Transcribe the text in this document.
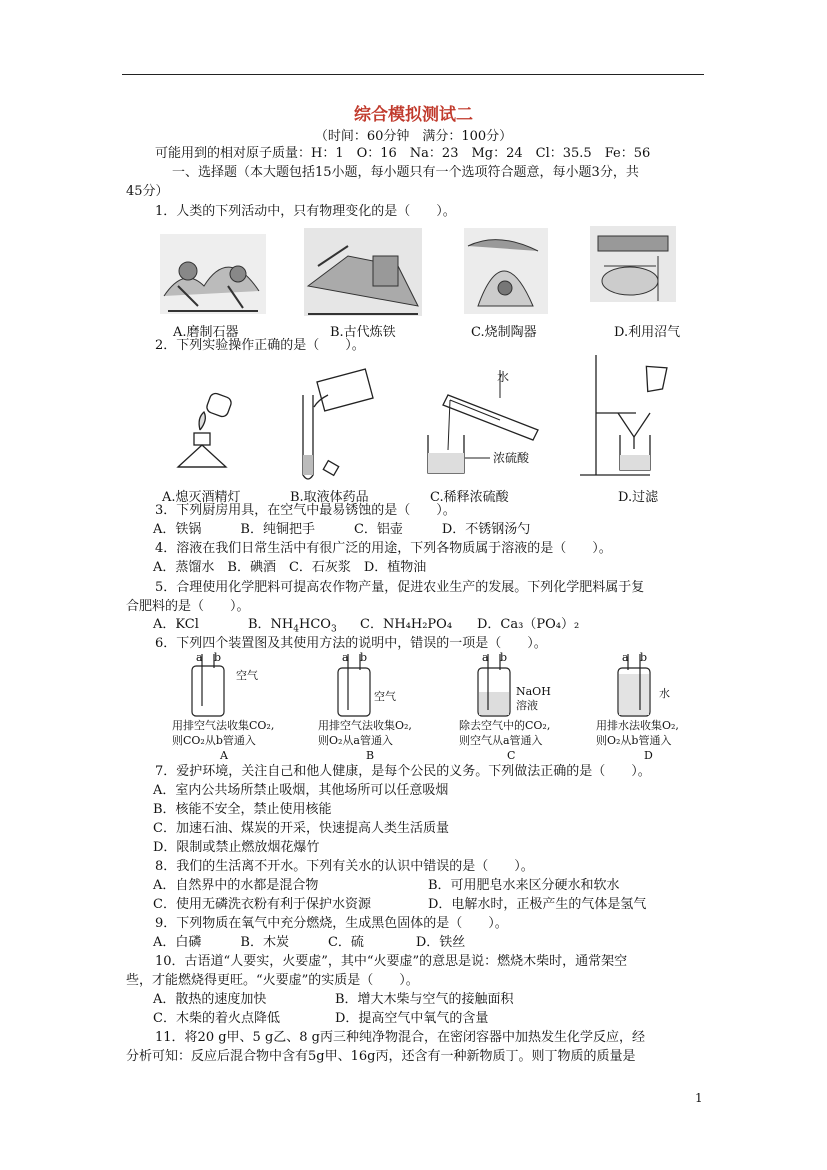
综合模拟测试二
（时间：60分钟　满分：100分）
可能用到的相对原子质量：H：1　O：16　Na：23　Mg：24　Cl：35.5　Fe：56
一、选择题（本大题包括15小题，每小题只有一个选项符合题意，每小题3分，共
45分）
1．人类的下列活动中，只有物理变化的是（　　）。
A.磨制石器	B.古代炼铁	C.烧制陶器	D.利用沼气
2．下列实验操作正确的是（　　）。
水
浓硫酸
A.熄灭酒精灯	B.取液体药品	C.稀释浓硫酸	D.过滤
3．下列厨房用具，在空气中最易锈蚀的是（　　）。
A．铁锅　　　B．纯铜把手　　　C．铝壶　　　D．不锈钢汤勺
4．溶液在我们日常生活中有很广泛的用途，下列各物质属于溶液的是（　　）。
A．蒸馏水　B．碘酒　C．石灰浆　D．植物油
5．合理使用化学肥料可提高农作物产量，促进农业生产的发展。下列化学肥料属于复
合肥料的是（　　）。
A．KCl	B．$NH_4HCO_3$ C．NH₄H₂PO₄ D．Ca₃（PO₄）₂
6．下列四个装置图及其使用方法的说明中，错误的一项是（　　）。
a b
空气
a b
空气
a b
NaOH
溶液
a b
水
用排空气法收集CO₂,
则CO₂从b管通入
A
用排空气法收集O₂,
则O₂从a管通入
B
除去空气中的CO₂,
则空气从a管通入
C
用排水法收集O₂,
则O₂从b管通入
D
7．爱护环境，关注自己和他人健康，是每个公民的义务。下列做法正确的是（　　）。
A．室内公共场所禁止吸烟，其他场所可以任意吸烟
B．核能不安全，禁止使用核能
C．加速石油、煤炭的开采，快速提高人类生活质量
D．限制或禁止燃放烟花爆竹
8．我们的生活离不开水。下列有关水的认识中错误的是（　　）。
A．自然界中的水都是混合物	B．可用肥皂水来区分硬水和软水
C．使用无磷洗衣粉有利于保护水资源	D．电解水时，正极产生的气体是氢气
9．下列物质在氧气中充分燃烧，生成黑色固体的是（　　）。
A．白磷　　　B．木炭　　　C．硫　　　　D．铁丝
10．古语道“人要实，火要虚”，其中“火要虚”的意思是说：燃烧木柴时，通常架空
些，才能燃烧得更旺。“火要虚”的实质是（　　）。
A．散热的速度加快	B．增大木柴与空气的接触面积
C．木柴的着火点降低	D．提高空气中氧气的含量
11．将20 g甲、5 g乙、8 g丙三种纯净物混合，在密闭容器中加热发生化学反应，经
分析可知：反应后混合物中含有5g甲、16g丙，还含有一种新物质丁。则丁物质的质量是
1
